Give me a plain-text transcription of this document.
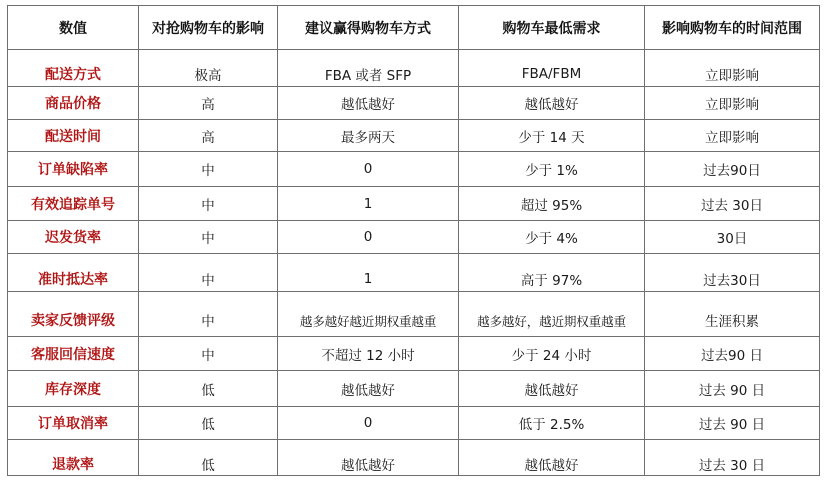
数值	对抢购物车的影响	建议赢得购物车方式	购物车最低需求	影响购物车的时间范围

配送方式	极高	FBA 或者 SFP	FBA/FBM	立即影响

商品价格	高	越低越好	越低越好	立即影响

配送时间	高	最多两天	少于 14 天	立即影响

订单缺陷率	中	0	少于 1%	过去90日

有效追踪单号	中	1	超过 95%	过去 30日

迟发货率	中	0	少于 4%	30日

准时抵达率	中	1	高于 97%	过去30日

卖家反馈评级	中	越多越好越近期权重越重	越多越好，越近期权重越重	生涯积累

客服回信速度	中	不超过 12 小时	少于 24 小时	过去90 日

库存深度	低	越低越好	越低越好	过去 90 日

订单取消率	低	0	低于 2.5%	过去 90 日

退款率	低	越低越好	越低越好	过去 30 日
